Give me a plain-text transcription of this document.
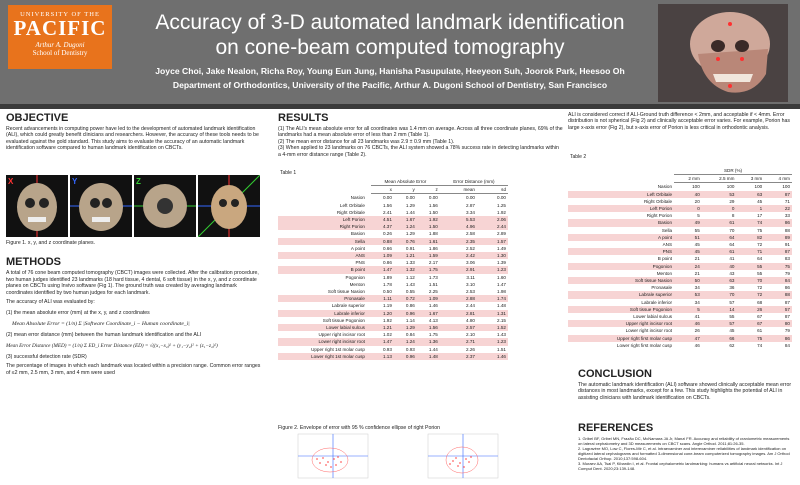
UNIVERSITY OF THE
PACIFIC
Arthur A. Dugoni
School of Dentistry
Accuracy of 3-D automated landmark identification
on cone-beam computed tomography
Joyce Choi, Jake Nealon, Richa Roy, Young Eun Jung, Hanisha Pasupulate, Heeyeon Suh, Joorok Park, Heesoo Oh
Department of Orthodontics, University of the Pacific, Arthur A. Dugoni School of Dentistry, San Francisco
OBJECTIVE

Recent advancements in computing power have led to the development of automated landmark identification (ALI), which could greatly benefit clinicians and researchers. However, the accuracy of these tools needs to be evaluated against the gold standard. This study aims to evaluate the accuracy of an automatic landmark identification software compared to human landmark identification on CBCTs.

X	Y	Z
Figure 1. x, y, and z coordinate planes.
METHODS

A total of 76 cone beam computed tomography (CBCT) images were collected. After the calibration procedure, two human judges identified 23 landmarks (18 hard tissue, 4 dental, 6 soft tissue) in the x, y, and z coordinate planes on CBCTs using Invivo software (Fig 1). The ground truth was created by averaging landmark coordinates identified by two human judges for each landmark.

The accuracy of ALI was evaluated by:

(1) the mean absolute error (mm) at the x, y, and z coordinates

Mean Absolute Error = (1/n) Σ |Software Coordinate_i − Human coordinate_i|

(2) mean error distance (mm) between the human landmark identification and the ALI

Mean Error Distance (MED) = (1/n) Σ ED_i Error Distance (ED) = √((x₁−x₂)² + (y₁−y₂)² + (z₁−z₂)²)

(3) successful detection rate (SDR)

The percentage of images in which each landmark was located within a precision range. Common error ranges of ≤2 mm, 2.5 mm, 3 mm, and 4 mm were used

RESULTS

(1) The ALI's mean absolute error for all coordinates was 1.4 mm on average. Across all three coordinate planes, 69% of the landmarks had a mean absolute error of less than 2 mm (Table 1).

(2) The mean error distance for all 23 landmarks was 2.9 ± 0.9 mm (Table 1).

(3) When applied to 23 landmarks on 76 CBCTs, the ALI system showed a 78% success rate in detecting landmarks within a 4-mm error distance range (Table 2).

Table 1
	Mean Absolute Error			Error Distance (mm)	
	x	y	z	mean	sd
Nasion	0.00	0.00	0.00	0.00	0.00
Left Orbitale	1.56	1.29	1.56	2.87	1.25
Right Orbitale	2.41	1.44	1.50	3.34	1.92
Left Porion	4.51	1.67	1.92	5.53	2.06
Right Porion	4.37	1.24	1.50	4.96	2.44
Basion	0.26	1.29	1.88	2.58	2.89
Sella	0.88	0.76	1.61	2.35	1.57
A point	0.66	0.91	1.86	2.52	1.49
ANS	1.09	1.21	1.59	2.42	1.30
PNS	0.86	1.33	2.17	3.06	1.39
B point	1.47	1.32	1.75	2.91	1.23
Pogonion	1.89	1.12	1.73	3.11	1.60
Menton	1.78	1.43	1.51	3.10	1.47
Soft tissue Nasion	0.50	0.55	2.25	2.53	1.98
Pronasale	1.11	0.72	1.09	2.88	1.74
Labrale superior	1.19	0.86	1.46	2.44	1.48
Labrale inferior	1.20	0.96	1.67	2.81	1.31
Soft tissue Pogonion	1.92	1.14	4.13	4.80	2.15
Lower labial sulcus	1.21	1.29	1.56	2.57	1.52
Upper right incisor root	1.02	0.84	1.75	2.10	1.43
Lower right incisor root	1.47	1.24	1.36	2.71	1.23
Upper right 1st molar cusp	0.93	0.93	1.44	2.26	1.51
Lower right 1st molar cusp	1.13	0.96	1.48	2.37	1.46
Figure 2. Envelope of error with 95 % confidence ellipse of right Porion

ALI is considered correct if ALI-Ground truth difference < 2mm, and acceptable if < 4mm. Error distribution is not spherical (Fig 2) and clinically acceptable error varies. For example, Porion has large x-axis error (Fig 2), but x-axis error of Porion is less critical in orthodontic analysis.

Table 2
	SDR (%)			
	2 mm	2.5 mm	3 mm	4 mm
Nasion	100	100	100	100
Left Orbitale	40	53	63	87
Right Orbitale	20	29	45	71
Left Porion	0	0	1	22
Right Porion	5	8	17	33
Basion	49	61	74	86
Sella	55	70	75	88
A point	51	64	82	89
ANS	45	64	72	91
PNS	45	61	71	87
B point	21	41	64	83
Pogonion	24	40	55	75
Menton	21	43	55	79
Soft tissue Nasion	50	63	70	84
Pronasale	34	36	72	86
Labrale superior	53	70	72	88
Labrale inferior	34	57	68	87
Soft tissue Pogonion	5	14	26	57
Lower labial sulcus	41	55	67	87
Upper right incisor root	46	57	67	80
Lower right incisor root	26	45	61	79
Upper right first molar cusp	47	66	75	86
Lower right first molar cusp	46	62	74	84
CONCLUSION

The automatic landmark identification (ALI) software showed clinically acceptable mean error distances in most landmarks, except for a few. This study highlights the potential of ALI in assisting clinicians with landmark identification on CBCTs.

REFERENCES

1. Gribel BF, Gribel MN, Frazão DC, McNamara JA Jr, Manzi FR. Accuracy and reliability of craniometric measurements on lateral cephalometry and 3D measurements on CBCT scans. Angle Orthod. 2011;81:26-35.

2. Lagravère MO, Low C, Flores-Mir C, et al. Intraexaminer and interexaminer reliabilities of landmark identification on digitized lateral cephalograms and formatted 3-dimensional cone-beam computerized tomography images. Am J Orthod Dentofacial Orthop. 2010;137:598-604.

3. Muraev AA, Tsai P, Kibardin I, et al. Frontal cephalometric landmarking: humans vs artificial neural networks. Int J Comput Dent. 2020;23:139-148.
